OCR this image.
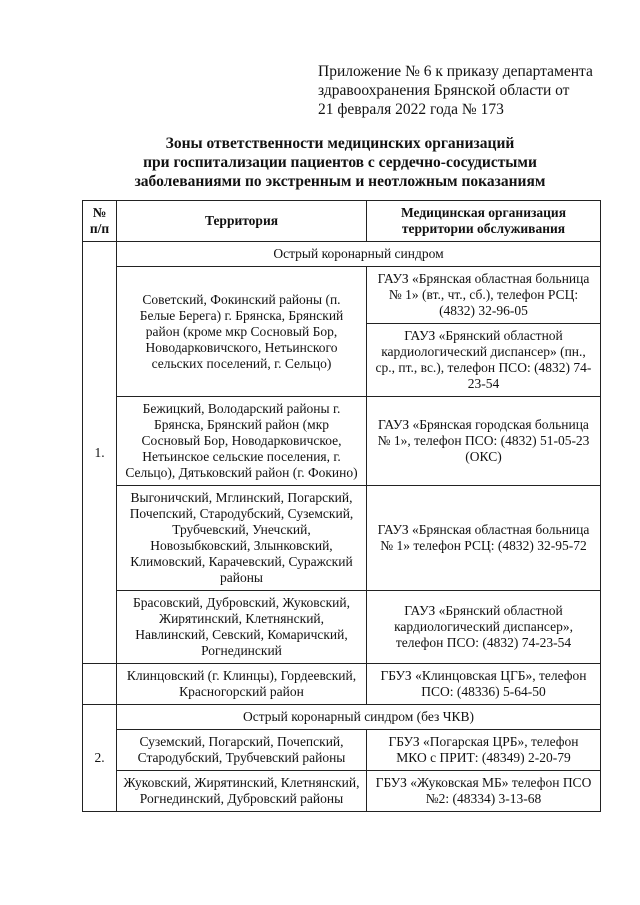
Приложение № 6 к приказу департамента
здравоохранения Брянской области от
21 февраля 2022 года № 173
Зоны ответственности медицинских организаций
при госпитализации пациентов с сердечно-сосудистыми
заболеваниями по экстренным и неотложным показаниям
№ п/п	Территория	Медицинская организация территории обслуживания
1.	Острый коронарный синдром	
	Советский, Фокинский районы (п. Белые Берега) г. Брянска, Брянский район (кроме мкр Сосновый Бор, Новодарковичского, Нетьинского сельских поселений, г. Сельцо)	ГАУЗ «Брянская областная больница № 1» (вт., чт., сб.), телефон РСЦ: (4832) 32-96-05
		ГАУЗ «Брянский областной кардиологический диспансер» (пн., ср., пт., вс.), телефон ПСО: (4832) 74-23-54
	Бежицкий, Володарский районы г. Брянска, Брянский район (мкр Сосновый Бор, Новодарковичское, Нетьинское сельские поселения, г. Сельцо), Дятьковский район (г. Фокино)	ГАУЗ «Брянская городская больница № 1», телефон ПСО: (4832) 51-05-23 (ОКС)
	Выгоничский, Мглинский, Погарский, Почепский, Стародубский, Суземский, Трубчевский, Унечский, Новозыбковский, Злынковский, Климовский, Карачевский, Суражский районы	ГАУЗ «Брянская областная больница № 1» телефон РСЦ: (4832) 32-95-72
	Брасовский, Дубровский, Жуковский, Жирятинский, Клетнянский, Навлинский, Севский, Комаричский, Рогнединский	ГАУЗ «Брянский областной кардиологический диспансер», телефон ПСО: (4832) 74-23-54
	Клинцовский (г. Клинцы), Гордеевский, Красногорский район	ГБУЗ «Клинцовская ЦГБ», телефон ПСО: (48336) 5-64-50
2.	Острый коронарный синдром (без ЧКВ)	
	Суземский, Погарский, Почепский, Стародубский, Трубчевский районы	ГБУЗ «Погарская ЦРБ», телефон МКО с ПРИТ: (48349) 2-20-79
	Жуковский, Жирятинский, Клетнянский, Рогнединский, Дубровский районы	ГБУЗ «Жуковская МБ» телефон ПСО №2: (48334) 3-13-68
